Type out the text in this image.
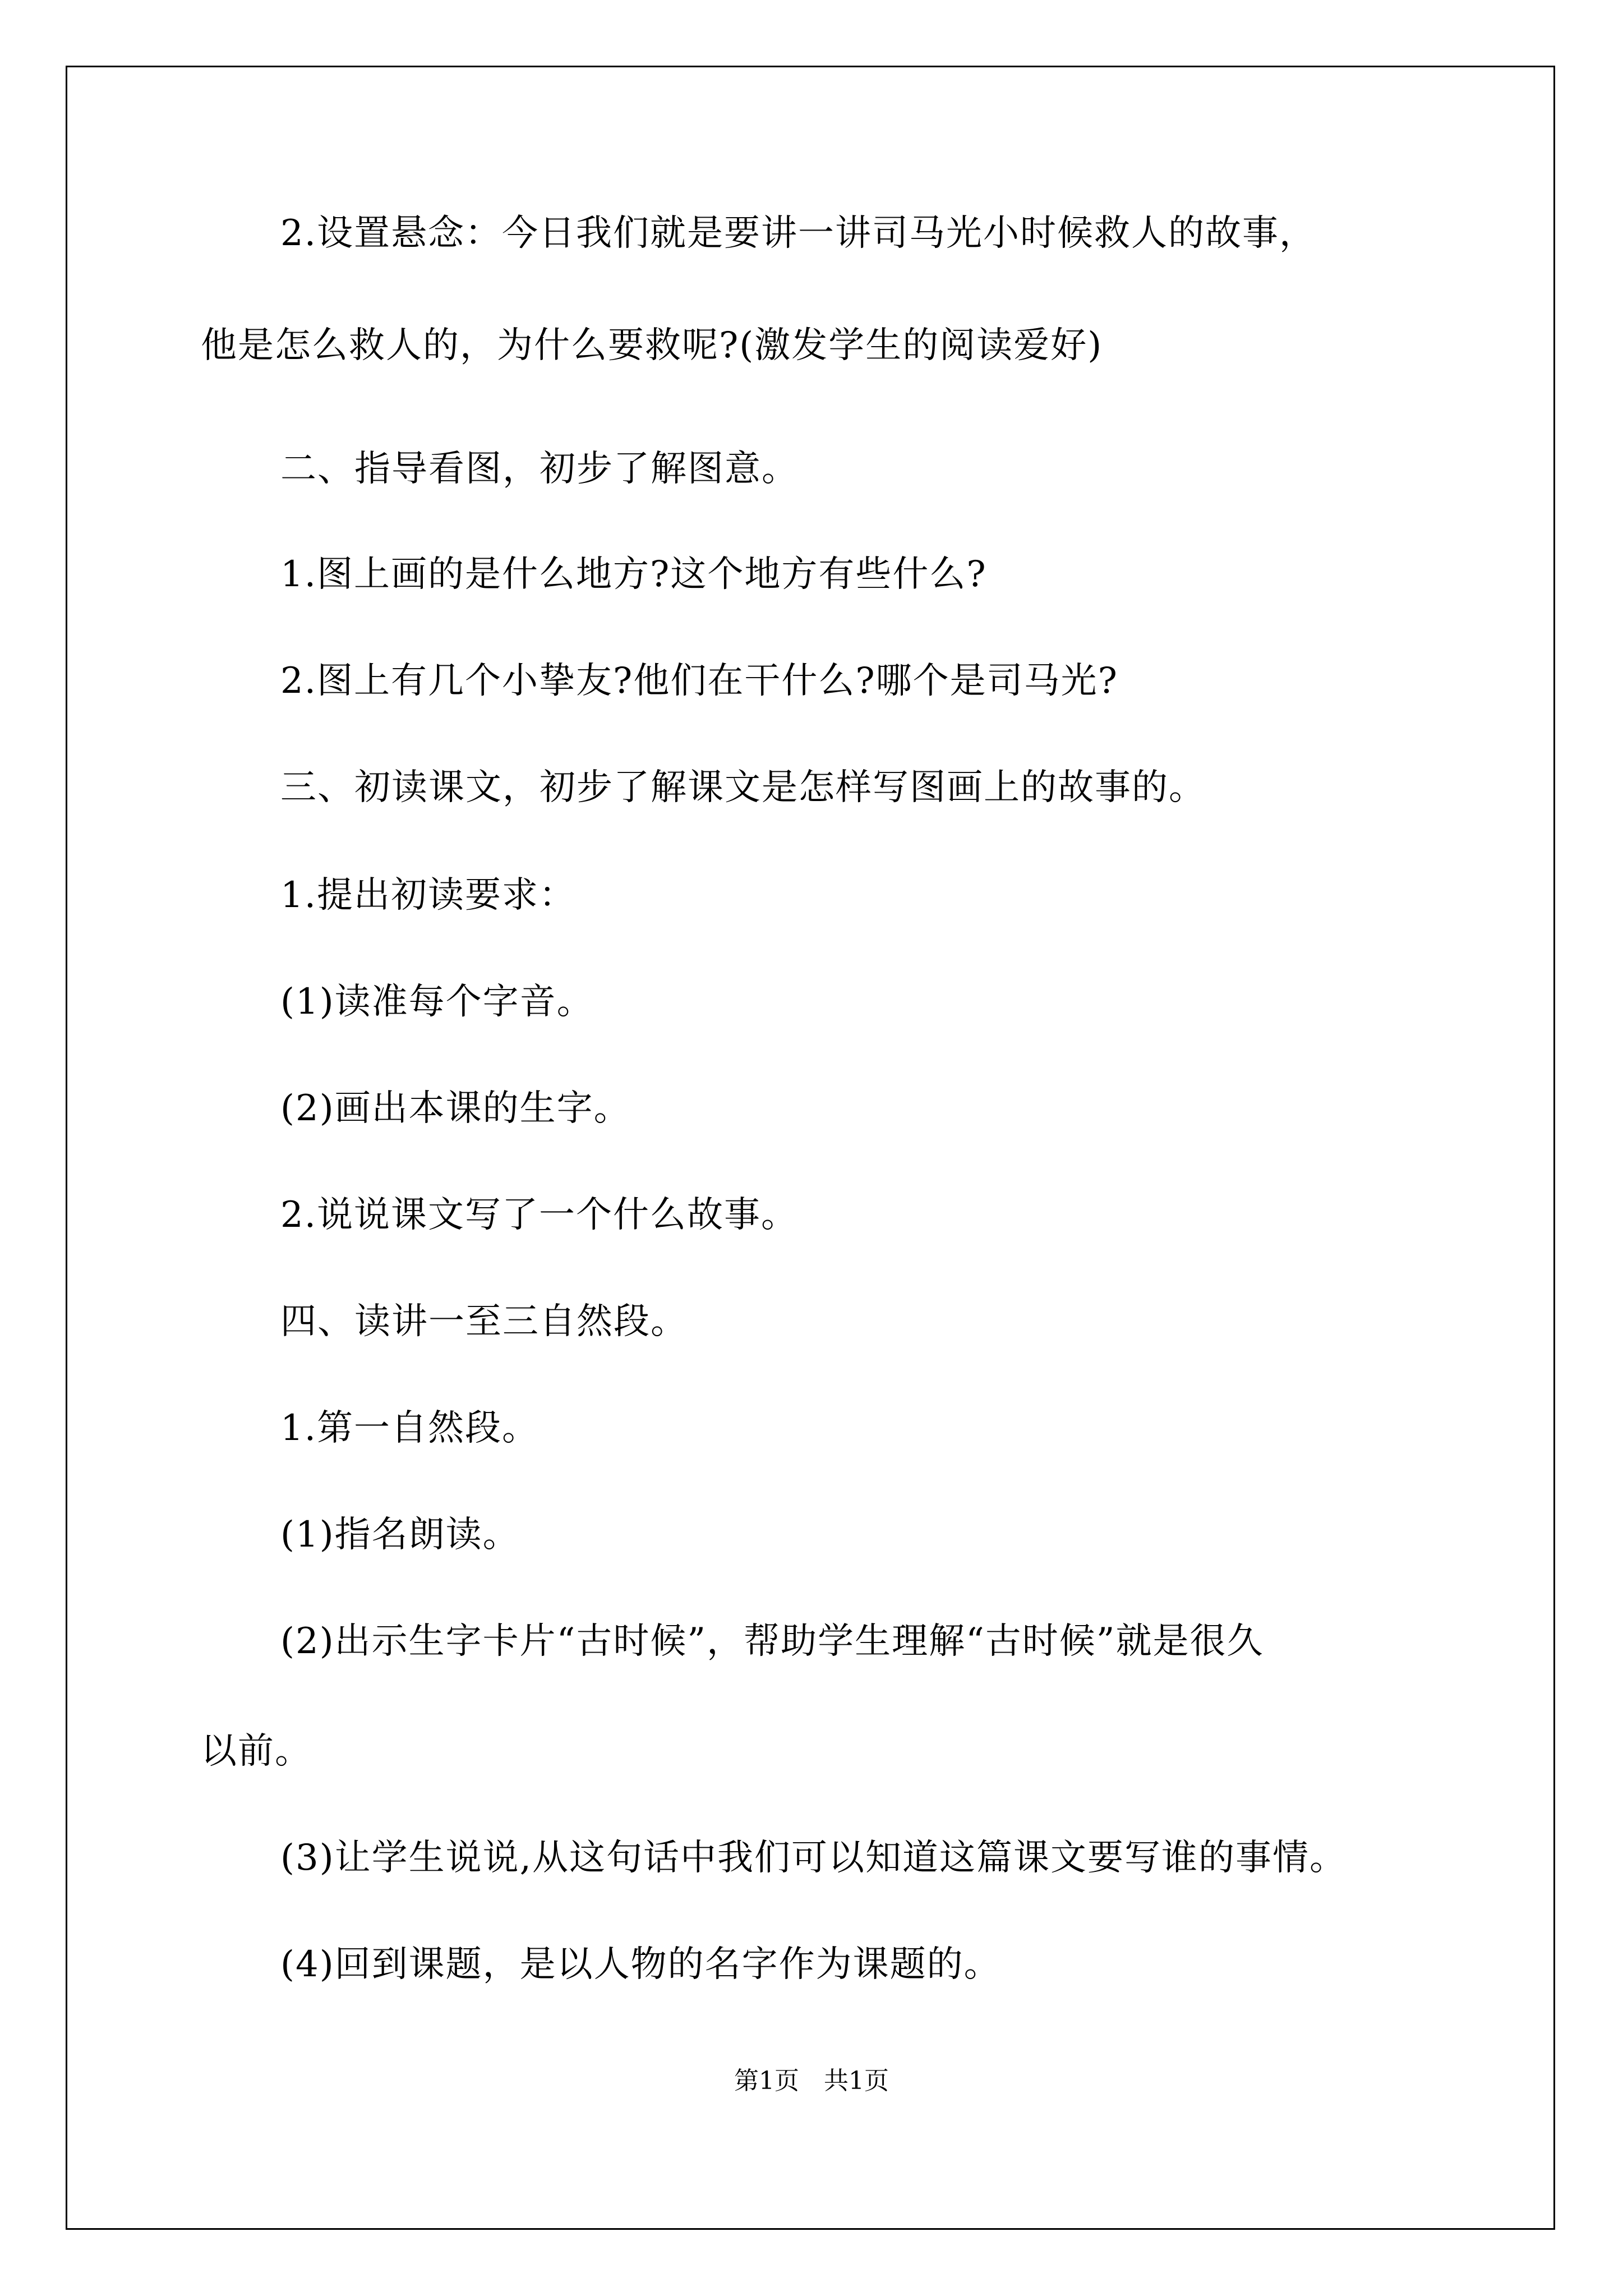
2.设置悬念：今日我们就是要讲一讲司马光小时候救人的故事，
他是怎么救人的，为什么要救呢?(激发学生的阅读爱好)
二、指导看图，初步了解图意。
1.图上画的是什么地方?这个地方有些什么?
2.图上有几个小挚友?他们在干什么?哪个是司马光?
三、初读课文，初步了解课文是怎样写图画上的故事的。
1.提出初读要求：
(1)读准每个字音。
(2)画出本课的生字。
2.说说课文写了一个什么故事。
四、读讲一至三自然段。
1.第一自然段。
(1)指名朗读。
(2)出示生字卡片“古时候”，帮助学生理解“古时候”就是很久
以前。
(3)让学生说说,从这句话中我们可以知道这篇课文要写谁的事情。
(4)回到课题，是以人物的名字作为课题的。
第1页　共1页
